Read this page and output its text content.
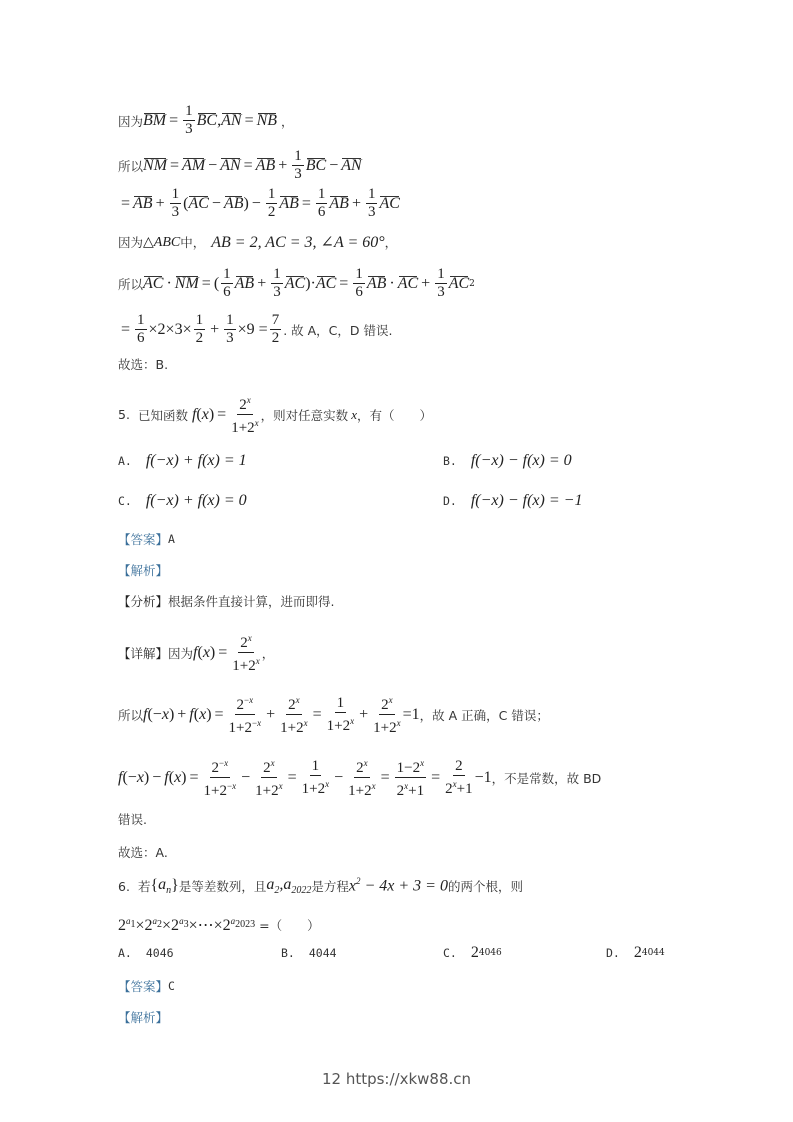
因为 BM = $\frac{1}{3}$ BC , AN = NB ，
所以 NM = AM − AN = AB + $\frac{1}{3}$ BC − AN
= AB + $\frac{1}{3}$ ( AC − AB ) − $\frac{1}{2}$ AB = $\frac{1}{6}$ AB + $\frac{1}{3}$ AC
因为 △ABC 中， AB = 2, AC = 3, ∠A = 60° ，
所以 AC · NM = ( $\frac{1}{6}$ AB + $\frac{1}{3}$ AC )· AC = $\frac{1}{6}$ AB · AC + $\frac{1}{3}$ AC 2
= $\frac{1}{6} \times 2\times 3\times \frac{1}{2} + \frac{1}{3} \times 9 = \frac{7}{2}$ . 故 A，C，D 错误.
故选：B.
5. 已知函数 f ( x ) = $\frac{2^x}{1+2^x}$ ，则对任意实数 x ，有（　　）
A. f(−x) + f(x) = 1	B. f(−x) − f(x) = 0
C. f(−x) + f(x) = 0	D. f(−x) − f(x) = −1
【答案】 A
【解析】
【分析】 根据条件直接计算，进而即得.
【详解】 因为 f ( x ) = $\frac{2^x}{1+2^x}$ ，
所以 f (− x ) + f ( x ) = $\frac{2^{-x}}{1+2^{-x}} + \frac{2^x}{1+2^x} = \frac{1}{1+2^x} + \frac{2^x}{1+2^x} =1$ ，故 A 正确，C 错误；
f (− x ) − f ( x ) = $\frac{2^{-x}}{1+2^{-x}} - \frac{2^x}{1+2^x} = \frac{1}{1+2^x} - \frac{2^x}{1+2^x} = \frac{1-2^x}{2^x+1} = \frac{2}{2^x+1} -1$ ，不是常数，故 BD
错误.
故选：A.
6. 若 { $a_n$ } 是等差数列，且 $a_2,a_{2022}$ 是方程 $x^2 - 4x + 3 = 0$ 的两个根，则
$2^{a_1}\times 2^{a_2}\times 2^{a_3}\times\cdots\times 2^{a_{2023}}$ =（　　）
A. 4046	B. 4044	C. 2 4046	D. 2 4044
【答案】 C
【解析】
12 https://xkw88.cn
